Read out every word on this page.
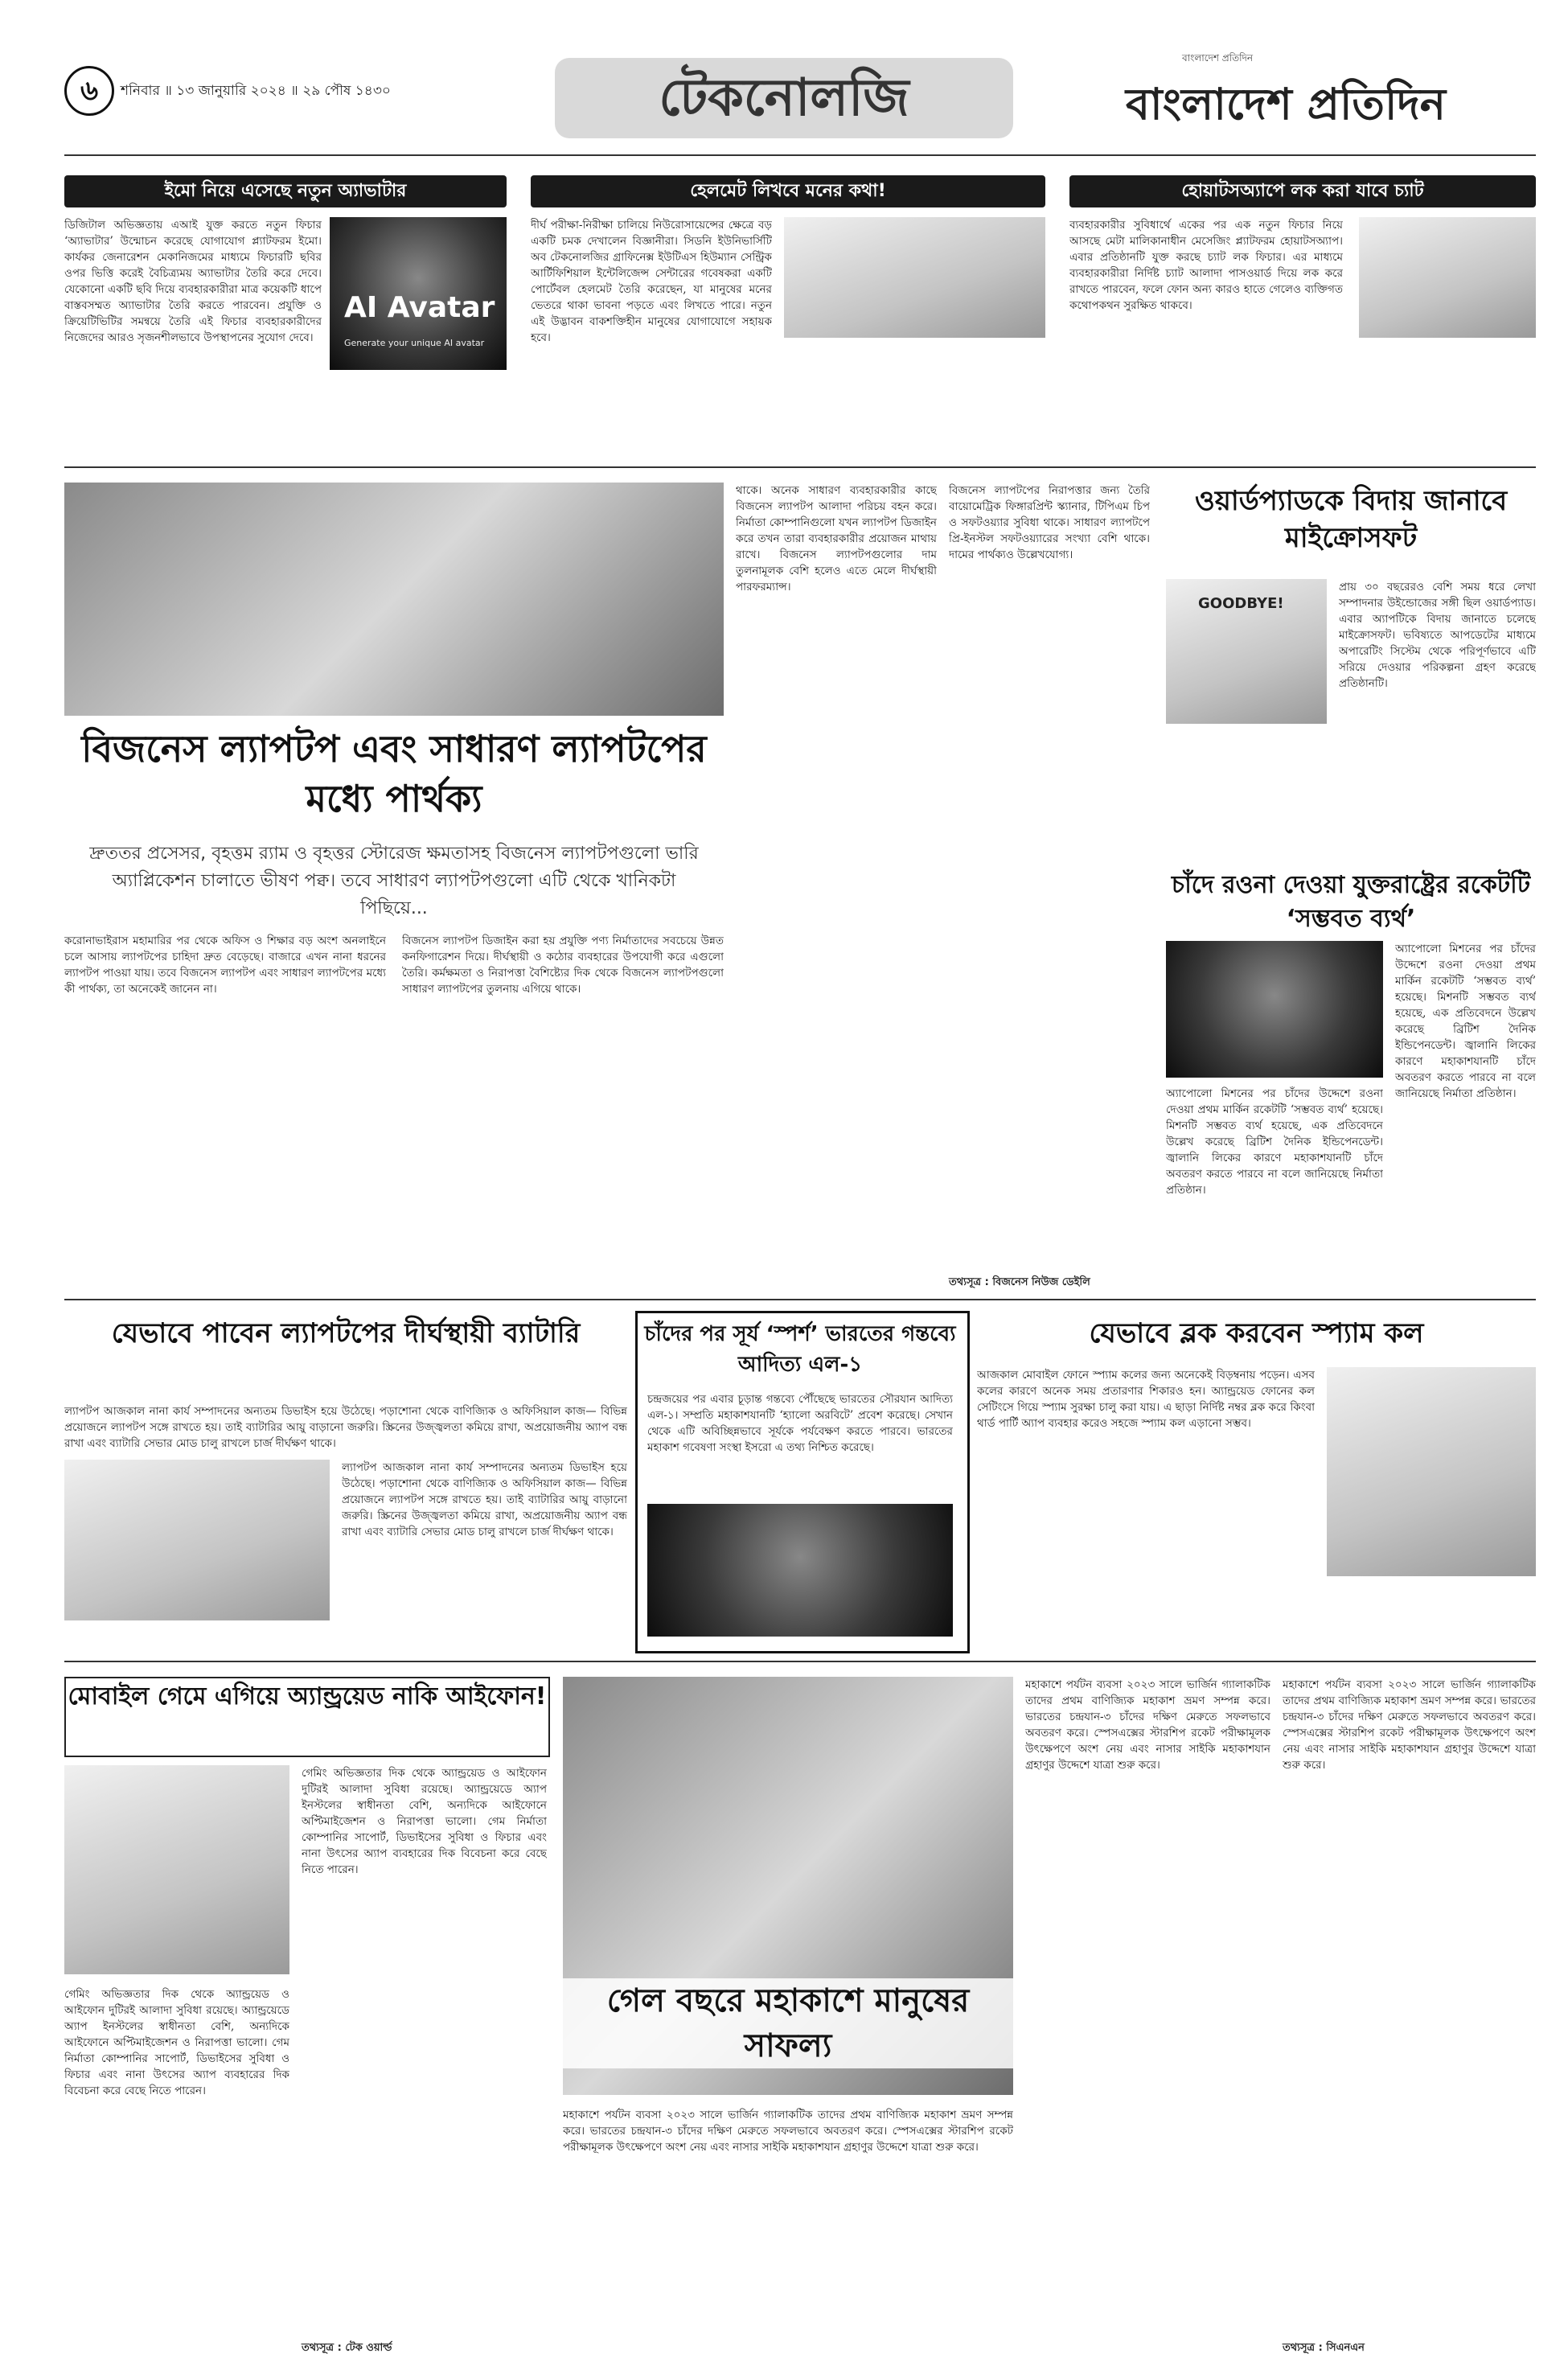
৬	শনিবার ॥ ১৩ জানুয়ারি ২০২৪ ॥ ২৯ পৌষ ১৪৩০	টেকনোলজি
বাংলাদেশ প্রতিদিন
বাংলাদেশ প্রতিদিন
ইমো নিয়ে এসেছে নতুন অ্যাভাটার
ডিজিটাল অভিজ্ঞতায় এআই যুক্ত করতে নতুন ফিচার ‘অ্যাভাটার’ উন্মোচন করেছে যোগাযোগ প্ল্যাটফরম ইমো। কার্যকর জেনারেশন মেকানিজমের মাধ্যমে ফিচারটি ছবির ওপর ভিত্তি করেই বৈচিত্র্যময় অ্যাভাটার তৈরি করে দেবে। যেকোনো একটি ছবি দিয়ে ব্যবহারকারীরা মাত্র কয়েকটি ধাপে বাস্তবসম্মত অ্যাভাটার তৈরি করতে পারবেন। প্রযুক্তি ও ক্রিয়েটিভিটির সমন্বয়ে তৈরি এই ফিচার ব্যবহারকারীদের নিজেদের আরও সৃজনশীলভাবে উপস্থাপনের সুযোগ দেবে।
AI Avatar
Generate your unique AI avatar
হেলমেট লিখবে মনের কথা!
দীর্ঘ পরীক্ষা-নিরীক্ষা চালিয়ে নিউরোসায়েন্সের ক্ষেত্রে বড় একটি চমক দেখালেন বিজ্ঞানীরা। সিডনি ইউনিভার্সিটি অব টেকনোলজির গ্রাফিনেক্স ইউটিএস হিউম্যান সেন্ট্রিক আর্টিফিশিয়াল ইন্টেলিজেন্স সেন্টারের গবেষকরা একটি পোর্টেবল হেলমেট তৈরি করেছেন, যা মানুষের মনের ভেতরে থাকা ভাবনা পড়তে এবং লিখতে পারে। নতুন এই উদ্ভাবন বাকশক্তিহীন মানুষের যোগাযোগে সহায়ক হবে।
হোয়াটসঅ্যাপে লক করা যাবে চ্যাট
ব্যবহারকারীর সুবিধার্থে একের পর এক নতুন ফিচার নিয়ে আসছে মেটা মালিকানাধীন মেসেজিং প্ল্যাটফরম হোয়াটসঅ্যাপ। এবার প্রতিষ্ঠানটি যুক্ত করছে চ্যাট লক ফিচার। এর মাধ্যমে ব্যবহারকারীরা নির্দিষ্ট চ্যাট আলাদা পাসওয়ার্ড দিয়ে লক করে রাখতে পারবেন, ফলে ফোন অন্য কারও হাতে গেলেও ব্যক্তিগত কথোপকথন সুরক্ষিত থাকবে।
বিজনেস ল্যাপটপ এবং সাধারণ ল্যাপটপের মধ্যে পার্থক্য
দ্রুততর প্রসেসর, বৃহত্তম র‍্যাম ও বৃহত্তর স্টোরেজ ক্ষমতাসহ বিজনেস ল্যাপটপগুলো ভারি অ্যাপ্লিকেশন চালাতে ভীষণ পক্ব। তবে সাধারণ ল্যাপটপগুলো এটি থেকে খানিকটা পিছিয়ে...
করোনাভাইরাস মহামারির পর থেকে অফিস ও শিক্ষার বড় অংশ অনলাইনে চলে আসায় ল্যাপটপের চাহিদা দ্রুত বেড়েছে। বাজারে এখন নানা ধরনের ল্যাপটপ পাওয়া যায়। তবে বিজনেস ল্যাপটপ এবং সাধারণ ল্যাপটপের মধ্যে কী পার্থক্য, তা অনেকেই জানেন না।
বিজনেস ল্যাপটপ ডিজাইন করা হয় প্রযুক্তি পণ্য নির্মাতাদের সবচেয়ে উন্নত কনফিগারেশন দিয়ে। দীর্ঘস্থায়ী ও কঠোর ব্যবহারের উপযোগী করে এগুলো তৈরি। কর্মক্ষমতা ও নিরাপত্তা বৈশিষ্ট্যের দিক থেকে বিজনেস ল্যাপটপগুলো সাধারণ ল্যাপটপের তুলনায় এগিয়ে থাকে।
থাকে। অনেক সাধারণ ব্যবহারকারীর কাছে বিজনেস ল্যাপটপ আলাদা পরিচয় বহন করে। নির্মাতা কোম্পানিগুলো যখন ল্যাপটপ ডিজাইন করে তখন তারা ব্যবহারকারীর প্রয়োজন মাথায় রাখে। বিজনেস ল্যাপটপগুলোর দাম তুলনামূলক বেশি হলেও এতে মেলে দীর্ঘস্থায়ী পারফরম্যান্স।
বিজনেস ল্যাপটপের নিরাপত্তার জন্য তৈরি বায়োমেট্রিক ফিঙ্গারপ্রিন্ট স্ক্যানার, টিপিএম চিপ ও সফটওয়্যার সুবিধা থাকে। সাধারণ ল্যাপটপে প্রি-ইনস্টল সফটওয়্যারের সংখ্যা বেশি থাকে। দামের পার্থক্যও উল্লেখযোগ্য।
তথ্যসূত্র : বিজনেস নিউজ ডেইলি
ওয়ার্ডপ্যাডকে বিদায় জানাবে মাইক্রোসফট
GOODBYE!
প্রায় ৩০ বছরেরও বেশি সময় ধরে লেখা সম্পাদনার উইন্ডোজের সঙ্গী ছিল ওয়ার্ডপ্যাড। এবার অ্যাপটিকে বিদায় জানাতে চলেছে মাইক্রোসফট। ভবিষ্যতে আপডেটের মাধ্যমে অপারেটিং সিস্টেম থেকে পরিপূর্ণভাবে এটি সরিয়ে দেওয়ার পরিকল্পনা গ্রহণ করেছে প্রতিষ্ঠানটি।
চাঁদে রওনা দেওয়া যুক্তরাষ্ট্রের রকেটটি ‘সম্ভবত ব্যর্থ’
অ্যাপোলো মিশনের পর চাঁদের উদ্দেশে রওনা দেওয়া প্রথম মার্কিন রকেটটি ‘সম্ভবত ব্যর্থ’ হয়েছে। মিশনটি সম্ভবত ব্যর্থ হয়েছে, এক প্রতিবেদনে উল্লেখ করেছে ব্রিটিশ দৈনিক ইন্ডিপেনডেন্ট। জ্বালানি লিকের কারণে মহাকাশযানটি চাঁদে অবতরণ করতে পারবে না বলে জানিয়েছে নির্মাতা প্রতিষ্ঠান।
অ্যাপোলো মিশনের পর চাঁদের উদ্দেশে রওনা দেওয়া প্রথম মার্কিন রকেটটি ‘সম্ভবত ব্যর্থ’ হয়েছে। মিশনটি সম্ভবত ব্যর্থ হয়েছে, এক প্রতিবেদনে উল্লেখ করেছে ব্রিটিশ দৈনিক ইন্ডিপেনডেন্ট। জ্বালানি লিকের কারণে মহাকাশযানটি চাঁদে অবতরণ করতে পারবে না বলে জানিয়েছে নির্মাতা প্রতিষ্ঠান।
যেভাবে পাবেন ল্যাপটপের দীর্ঘস্থায়ী ব্যাটারি
ল্যাপটপ আজকাল নানা কার্য সম্পাদনের অন্যতম ডিভাইস হয়ে উঠেছে। পড়াশোনা থেকে বাণিজ্যিক ও অফিসিয়াল কাজ— বিভিন্ন প্রয়োজনে ল্যাপটপ সঙ্গে রাখতে হয়। তাই ব্যাটারির আয়ু বাড়ানো জরুরি। স্ক্রিনের উজ্জ্বলতা কমিয়ে রাখা, অপ্রয়োজনীয় অ্যাপ বন্ধ রাখা এবং ব্যাটারি সেভার মোড চালু রাখলে চার্জ দীর্ঘক্ষণ থাকে।
ল্যাপটপ আজকাল নানা কার্য সম্পাদনের অন্যতম ডিভাইস হয়ে উঠেছে। পড়াশোনা থেকে বাণিজ্যিক ও অফিসিয়াল কাজ— বিভিন্ন প্রয়োজনে ল্যাপটপ সঙ্গে রাখতে হয়। তাই ব্যাটারির আয়ু বাড়ানো জরুরি। স্ক্রিনের উজ্জ্বলতা কমিয়ে রাখা, অপ্রয়োজনীয় অ্যাপ বন্ধ রাখা এবং ব্যাটারি সেভার মোড চালু রাখলে চার্জ দীর্ঘক্ষণ থাকে।
চাঁদের পর সূর্য ‘স্পর্শ’ ভারতের গন্তব্যে আদিত্য এল-১
চন্দ্রজয়ের পর এবার চূড়ান্ত গন্তব্যে পৌঁছেছে ভারতের সৌরযান আদিত্য এল-১। সম্প্রতি মহাকাশযানটি ‘হ্যালো অরবিটে’ প্রবেশ করেছে। সেখান থেকে এটি অবিচ্ছিন্নভাবে সূর্যকে পর্যবেক্ষণ করতে পারবে। ভারতের মহাকাশ গবেষণা সংস্থা ইসরো এ তথ্য নিশ্চিত করেছে।
যেভাবে ব্লক করবেন স্প্যাম কল
আজকাল মোবাইল ফোনে স্প্যাম কলের জন্য অনেকেই বিড়ম্বনায় পড়েন। এসব কলের কারণে অনেক সময় প্রতারণার শিকারও হন। অ্যান্ড্রয়েড ফোনের কল সেটিংসে গিয়ে স্প্যাম সুরক্ষা চালু করা যায়। এ ছাড়া নির্দিষ্ট নম্বর ব্লক করে কিংবা থার্ড পার্টি অ্যাপ ব্যবহার করেও সহজে স্প্যাম কল এড়ানো সম্ভব।
মোবাইল গেমে এগিয়ে অ্যান্ড্রয়েড নাকি আইফোন!
গেমিং অভিজ্ঞতার দিক থেকে অ্যান্ড্রয়েড ও আইফোন দুটিরই আলাদা সুবিধা রয়েছে। অ্যান্ড্রয়েডে অ্যাপ ইনস্টলের স্বাধীনতা বেশি, অন্যদিকে আইফোনে অপ্টিমাইজেশন ও নিরাপত্তা ভালো। গেম নির্মাতা কোম্পানির সাপোর্ট, ডিভাইসের সুবিধা ও ফিচার এবং নানা উৎসের অ্যাপ ব্যবহারের দিক বিবেচনা করে বেছে নিতে পারেন।
গেমিং অভিজ্ঞতার দিক থেকে অ্যান্ড্রয়েড ও আইফোন দুটিরই আলাদা সুবিধা রয়েছে। অ্যান্ড্রয়েডে অ্যাপ ইনস্টলের স্বাধীনতা বেশি, অন্যদিকে আইফোনে অপ্টিমাইজেশন ও নিরাপত্তা ভালো। গেম নির্মাতা কোম্পানির সাপোর্ট, ডিভাইসের সুবিধা ও ফিচার এবং নানা উৎসের অ্যাপ ব্যবহারের দিক বিবেচনা করে বেছে নিতে পারেন।
তথ্যসূত্র : টেক ওয়ার্ল্ড
গেল বছরে মহাকাশে মানুষের সাফল্য
মহাকাশে পর্যটন ব্যবসা ২০২৩ সালে ভার্জিন গ্যালাকটিক তাদের প্রথম বাণিজ্যিক মহাকাশ ভ্রমণ সম্পন্ন করে। ভারতের চন্দ্রযান-৩ চাঁদের দক্ষিণ মেরুতে সফলভাবে অবতরণ করে। স্পেসএক্সের স্টারশিপ রকেট পরীক্ষামূলক উৎক্ষেপণে অংশ নেয় এবং নাসার সাইকি মহাকাশযান গ্রহাণুর উদ্দেশে যাত্রা শুরু করে।
মহাকাশে পর্যটন ব্যবসা ২০২৩ সালে ভার্জিন গ্যালাকটিক তাদের প্রথম বাণিজ্যিক মহাকাশ ভ্রমণ সম্পন্ন করে। ভারতের চন্দ্রযান-৩ চাঁদের দক্ষিণ মেরুতে সফলভাবে অবতরণ করে। স্পেসএক্সের স্টারশিপ রকেট পরীক্ষামূলক উৎক্ষেপণে অংশ নেয় এবং নাসার সাইকি মহাকাশযান গ্রহাণুর উদ্দেশে যাত্রা শুরু করে।
মহাকাশে পর্যটন ব্যবসা ২০২৩ সালে ভার্জিন গ্যালাকটিক তাদের প্রথম বাণিজ্যিক মহাকাশ ভ্রমণ সম্পন্ন করে। ভারতের চন্দ্রযান-৩ চাঁদের দক্ষিণ মেরুতে সফলভাবে অবতরণ করে। স্পেসএক্সের স্টারশিপ রকেট পরীক্ষামূলক উৎক্ষেপণে অংশ নেয় এবং নাসার সাইকি মহাকাশযান গ্রহাণুর উদ্দেশে যাত্রা শুরু করে।
তথ্যসূত্র : সিএনএন
